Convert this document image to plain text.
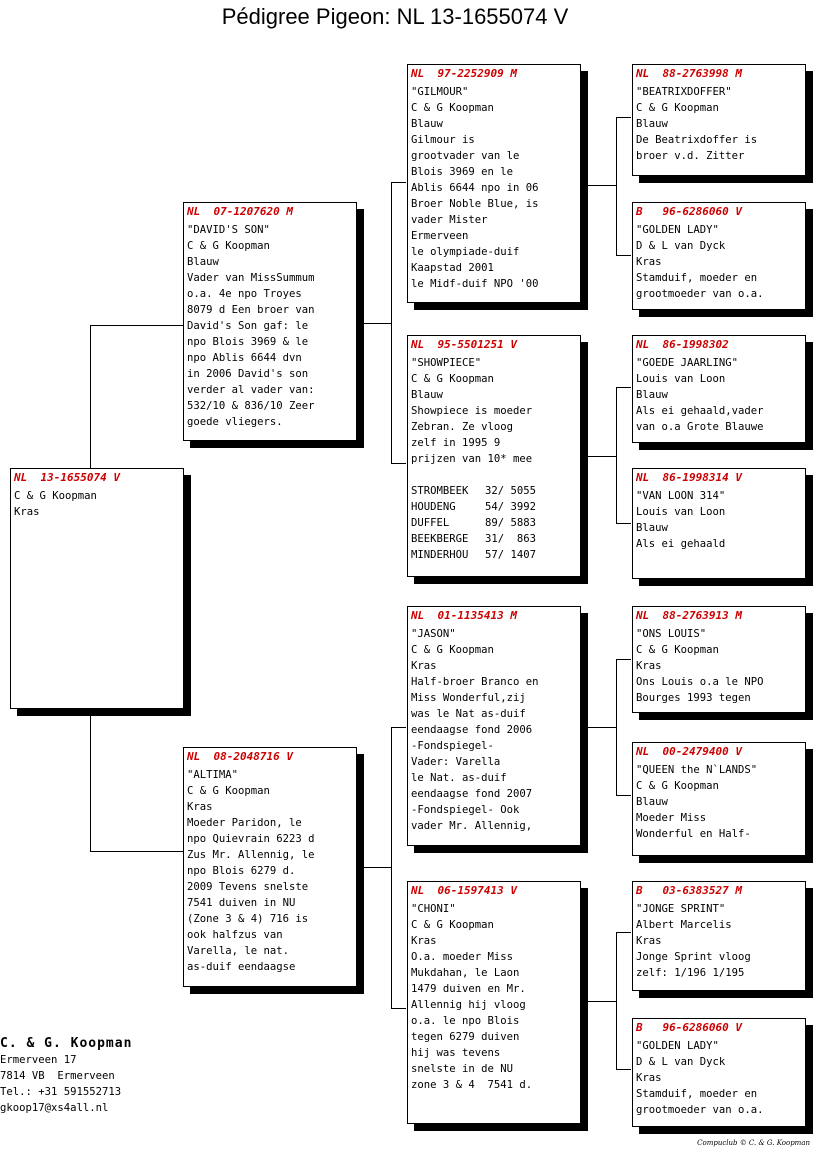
Pédigree Pigeon: NL 13-1655074 V
NL  13-1655074 V
C & G Koopman
Kras
NL  07-1207620 M
"DAVID'S SON"
C & G Koopman
Blauw
Vader van MissSummum
o.a. 4e npo Troyes
8079 d Een broer van
David's Son gaf: le
npo Blois 3969 & le
npo Ablis 6644 dvn
in 2006 David's son
verder al vader van:
532/10 & 836/10 Zeer
goede vliegers.
NL  08-2048716 V
"ALTIMA"
C & G Koopman
Kras
Moeder Paridon, le
npo Quievrain 6223 d
Zus Mr. Allennig, le
npo Blois 6279 d.
2009 Tevens snelste
7541 duiven in NU
(Zone 3 & 4) 716 is
ook halfzus van
Varella, le nat.
as-duif eendaagse
NL  97-2252909 M
"GILMOUR"
C & G Koopman
Blauw
Gilmour is
grootvader van le
Blois 3969 en le
Ablis 6644 npo in 06
Broer Noble Blue, is
vader Mister
Ermerveen
le olympiade-duif
Kaapstad 2001
le Midf-duif NPO '00
NL  95-5501251 V
"SHOWPIECE"
C & G Koopman
Blauw
Showpiece is moeder
Zebran. Ze vloog
zelf in 1995 9
prijzen van 10* mee
STROMBEEK	32/ 5055
HOUDENG	54/ 3992
DUFFEL	89/ 5883
BEEKBERGE	31/  863
MINDERHOU	57/ 1407
NL  01-1135413 M
"JASON"
C & G Koopman
Kras
Half-broer Branco en
Miss Wonderful,zij
was le Nat as-duif
eendaagse fond 2006
-Fondspiegel-
Vader: Varella
le Nat. as-duif
eendaagse fond 2007
-Fondspiegel- Ook
vader Mr. Allennig,
NL  06-1597413 V
"CHONI"
C & G Koopman
Kras
O.a. moeder Miss
Mukdahan, le Laon
1479 duiven en Mr.
Allennig hij vloog
o.a. le npo Blois
tegen 6279 duiven
hij was tevens
snelste in de NU
zone 3 & 4  7541 d.
NL  88-2763998 M
"BEATRIXDOFFER"
C & G Koopman
Blauw
De Beatrixdoffer is
broer v.d. Zitter
B   96-6286060 V
"GOLDEN LADY"
D & L van Dyck
Kras
Stamduif, moeder en
grootmoeder van o.a.
NL  86-1998302
"GOEDE JAARLING"
Louis van Loon
Blauw
Als ei gehaald,vader
van o.a Grote Blauwe
NL  86-1998314 V
"VAN LOON 314"
Louis van Loon
Blauw
Als ei gehaald
NL  88-2763913 M
"ONS LOUIS"
C & G Koopman
Kras
Ons Louis o.a le NPO
Bourges 1993 tegen
NL  00-2479400 V
"QUEEN the N`LANDS"
C & G Koopman
Blauw
Moeder Miss
Wonderful en Half-
B   03-6383527 M
"JONGE SPRINT"
Albert Marcelis
Kras
Jonge Sprint vloog
zelf: 1/196 1/195
B   96-6286060 V
"GOLDEN LADY"
D & L van Dyck
Kras
Stamduif, moeder en
grootmoeder van o.a.
C. & G. Koopman
Ermerveen 17
7814 VB  Ermerveen
Tel.: +31 591552713
gkoop17@xs4all.nl
Compuclub © C. & G. Koopman
